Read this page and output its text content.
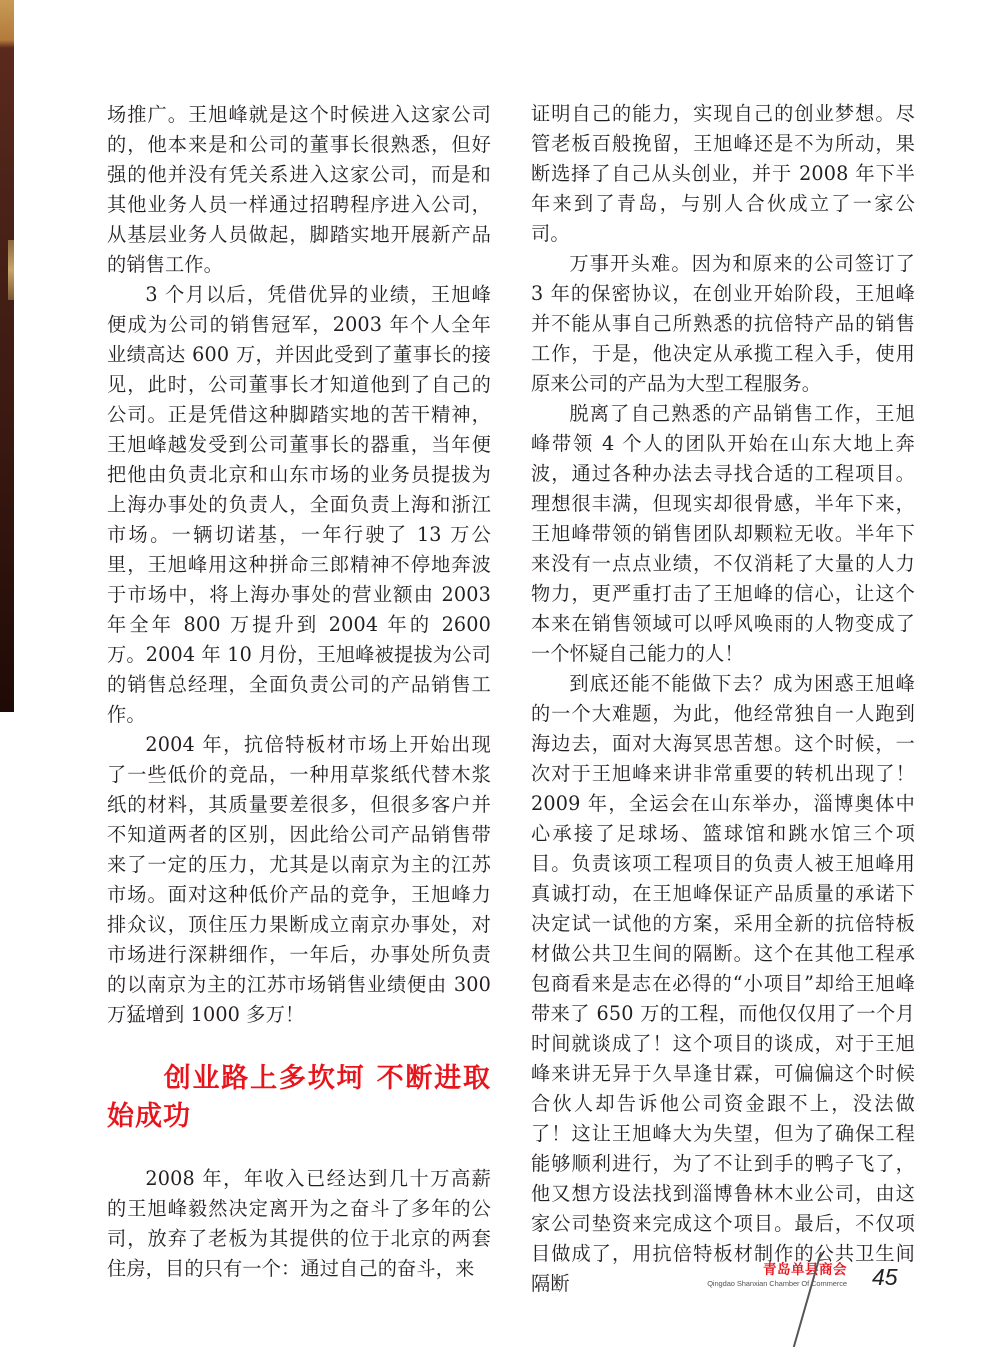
场推广。王旭峰就是这个时候进入这家公司的，他本来是和公司的董事长很熟悉，但好强的他并没有凭关系进入这家公司，而是和其他业务人员一样通过招聘程序进入公司，从基层业务人员做起，脚踏实地开展新产品的销售工作。

3 个月以后，凭借优异的业绩，王旭峰便成为公司的销售冠军，2003 年个人全年业绩高达 600 万，并因此受到了董事长的接见，此时，公司董事长才知道他到了自己的公司。正是凭借这种脚踏实地的苦干精神，王旭峰越发受到公司董事长的器重，当年便把他由负责北京和山东市场的业务员提拔为上海办事处的负责人，全面负责上海和浙江市场。一辆切诺基，一年行驶了 13 万公里，王旭峰用这种拼命三郎精神不停地奔波于市场中，将上海办事处的营业额由 2003 年全年 800 万提升到 2004 年的 2600 万。2004 年 10 月份，王旭峰被提拔为公司的销售总经理，全面负责公司的产品销售工作。

2004 年，抗倍特板材市场上开始出现了一些低价的竞品，一种用草浆纸代替木浆纸的材料，其质量要差很多，但很多客户并不知道两者的区别，因此给公司产品销售带来了一定的压力，尤其是以南京为主的江苏市场。面对这种低价产品的竞争，王旭峰力排众议，顶住压力果断成立南京办事处，对市场进行深耕细作，一年后，办事处所负责的以南京为主的江苏市场销售业绩便由 300 万猛增到 1000 多万！

创业路上多坎坷 不断进取始成功

2008 年，年收入已经达到几十万高薪的王旭峰毅然决定离开为之奋斗了多年的公司，放弃了老板为其提供的位于北京的两套住房，目的只有一个：通过自己的奋斗，来

证明自己的能力，实现自己的创业梦想。尽管老板百般挽留，王旭峰还是不为所动，果断选择了自己从头创业，并于 2008 年下半年来到了青岛，与别人合伙成立了一家公司。

万事开头难。因为和原来的公司签订了 3 年的保密协议，在创业开始阶段，王旭峰并不能从事自己所熟悉的抗倍特产品的销售工作，于是，他决定从承揽工程入手，使用原来公司的产品为大型工程服务。

脱离了自己熟悉的产品销售工作，王旭峰带领 4 个人的团队开始在山东大地上奔波，通过各种办法去寻找合适的工程项目。理想很丰满，但现实却很骨感，半年下来，王旭峰带领的销售团队却颗粒无收。半年下来没有一点点业绩，不仅消耗了大量的人力物力，更严重打击了王旭峰的信心，让这个本来在销售领域可以呼风唤雨的人物变成了一个怀疑自己能力的人！

到底还能不能做下去？成为困惑王旭峰的一个大难题，为此，他经常独自一人跑到海边去，面对大海冥思苦想。这个时候，一次对于王旭峰来讲非常重要的转机出现了！2009 年，全运会在山东举办，淄博奥体中心承接了足球场、篮球馆和跳水馆三个项目。负责该项工程项目的负责人被王旭峰用真诚打动，在王旭峰保证产品质量的承诺下决定试一试他的方案，采用全新的抗倍特板材做公共卫生间的隔断。这个在其他工程承包商看来是志在必得的“小项目”却给王旭峰带来了 650 万的工程，而他仅仅用了一个月时间就谈成了！这个项目的谈成，对于王旭峰来讲无异于久旱逢甘霖，可偏偏这个时候合伙人却告诉他公司资金跟不上，没法做了！这让王旭峰大为失望，但为了确保工程能够顺利进行，为了不让到手的鸭子飞了，他又想方设法找到淄博鲁林木业公司，由这家公司垫资来完成这个项目。最后，不仅项目做成了，用抗倍特板材制作的公共卫生间隔断

青岛单县商会
Qingdao Shanxian Chamber Of Commerce 45
